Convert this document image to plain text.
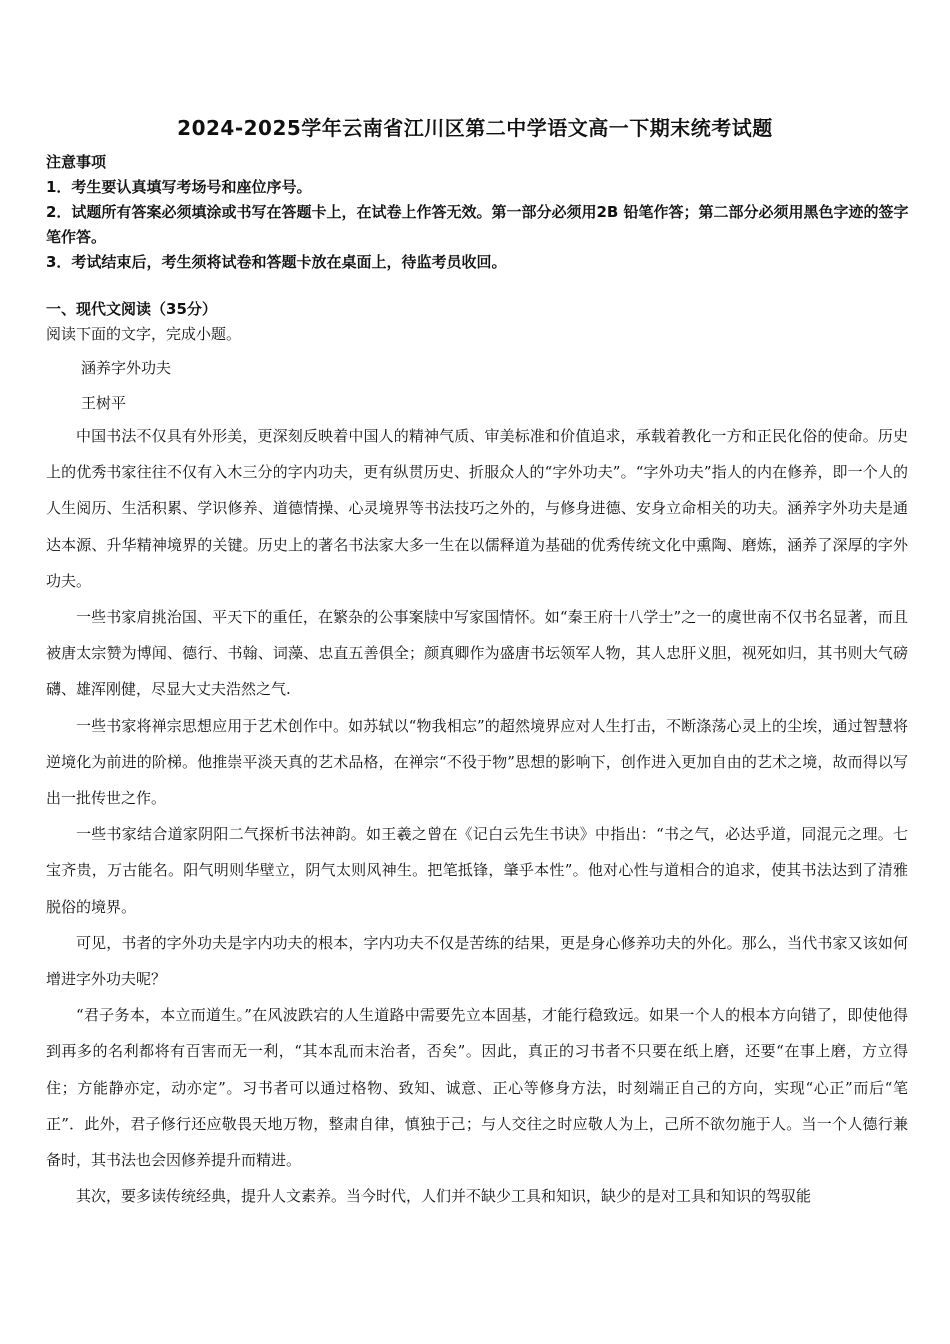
2024-2025学年云南省江川区第二中学语文高一下期末统考试题

注意事项

1．考生要认真填写考场号和座位序号。

2．试题所有答案必须填涂或书写在答题卡上，在试卷上作答无效。第一部分必须用2B 铅笔作答；第二部分必须用黑色字迹的签字笔作答。

3．考试结束后，考生须将试卷和答题卡放在桌面上，待监考员收回。

一、现代文阅读（35分）

阅读下面的文字，完成小题。

涵养字外功夫

王树平

中国书法不仅具有外形美，更深刻反映着中国人的精神气质、审美标准和价值追求，承载着教化一方和正民化俗的使命。历史上的优秀书家往往不仅有入木三分的字内功夫，更有纵贯历史、折服众人的“字外功夫”。“字外功夫”指人的内在修养，即一个人的人生阅历、生活积累、学识修养、道德情操、心灵境界等书法技巧之外的，与修身进德、安身立命相关的功夫。涵养字外功夫是通达本源、升华精神境界的关键。历史上的著名书法家大多一生在以儒释道为基础的优秀传统文化中熏陶、磨炼，涵养了深厚的字外功夫。

一些书家肩挑治国、平天下的重任，在繁杂的公事案牍中写家国情怀。如“秦王府十八学士”之一的虞世南不仅书名显著，而且被唐太宗赞为博闻、德行、书翰、词藻、忠直五善俱全；颜真卿作为盛唐书坛领军人物，其人忠肝义胆，视死如归，其书则大气磅礴、雄浑刚健，尽显大丈夫浩然之气.

一些书家将禅宗思想应用于艺术创作中。如苏轼以“物我相忘”的超然境界应对人生打击，不断涤荡心灵上的尘埃，通过智慧将逆境化为前进的阶梯。他推崇平淡天真的艺术品格，在禅宗“不役于物”思想的影响下，创作进入更加自由的艺术之境，故而得以写出一批传世之作。

一些书家结合道家阴阳二气探析书法神韵。如王羲之曾在《记白云先生书诀》中指出：“书之气，必达乎道，同混元之理。七宝齐贵，万古能名。阳气明则华壁立，阴气太则风神生。把笔抵锋，肇乎本性”。他对心性与道相合的追求，使其书法达到了清雅脱俗的境界。

可见，书者的字外功夫是字内功夫的根本，字内功夫不仅是苦练的结果，更是身心修养功夫的外化。那么，当代书家又该如何增进字外功夫呢？

“君子务本，本立而道生。”在风波跌宕的人生道路中需要先立本固基，才能行稳致远。如果一个人的根本方向错了，即使他得到再多的名利都将有百害而无一利，“其本乱而末治者，否矣”。因此，真正的习书者不只要在纸上磨，还要“在事上磨，方立得住；方能静亦定，动亦定”。习书者可以通过格物、致知、诚意、正心等修身方法，时刻端正自己的方向，实现“心正”而后“笔正”．此外，君子修行还应敬畏天地万物，整肃自律，慎独于己；与人交往之时应敬人为上，己所不欲勿施于人。当一个人德行兼备时，其书法也会因修养提升而精进。

其次，要多读传统经典，提升人文素养。当今时代，人们并不缺少工具和知识，缺少的是对工具和知识的驾驭能
